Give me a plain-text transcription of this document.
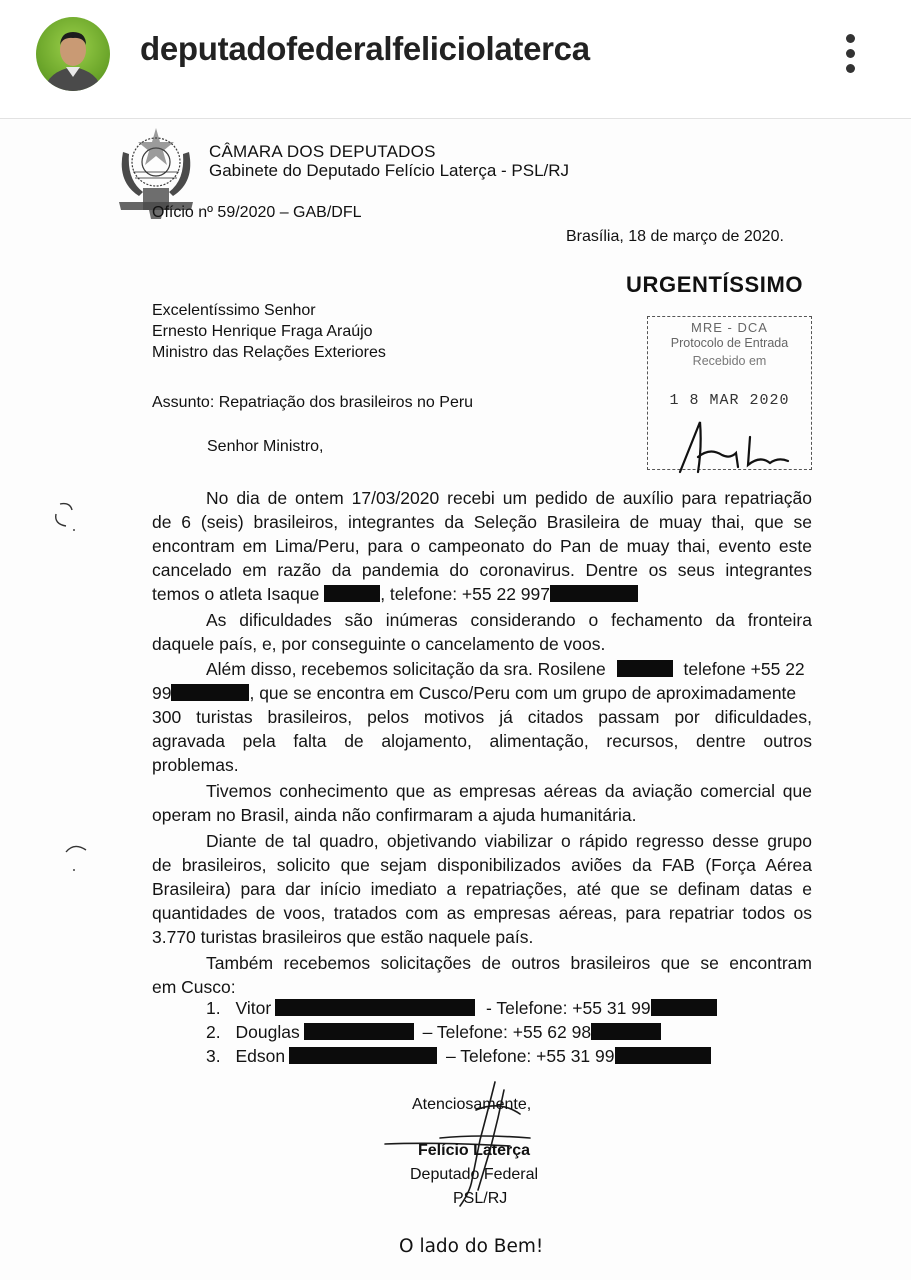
deputadofederalfeliciolaterca
CÂMARA DOS DEPUTADOS
Gabinete do Deputado Felício Laterça - PSL/RJ
Ofício nº 59/2020 – GAB/DFL
Brasília, 18 de março de 2020.
URGENTÍSSIMO
Excelentíssimo Senhor
Ernesto Henrique Fraga Araújo
Ministro das Relações Exteriores
Assunto: Repatriação dos brasileiros no Peru
Senhor Ministro,
MRE - DCA
Protocolo de Entrada
Recebido em
1 8 MAR 2020
No dia de ontem 17/03/2020 recebi um pedido de auxílio para repatriação
de 6 (seis) brasileiros, integrantes da Seleção Brasileira de muay thai, que se
encontram em Lima/Peru, para o campeonato do Pan de muay thai, evento este
cancelado em razão da pandemia do coronavirus. Dentre os seus integrantes
temos o atleta Isaque	, telefone: +55 22 997
As dificuldades são inúmeras considerando o fechamento da fronteira
daquele país, e, por conseguinte o cancelamento de voos.
Além disso, recebemos solicitação da sra. Rosilene	telefone +55 22
99	, que se encontra em Cusco/Peru com um grupo de aproximadamente
300 turistas brasileiros, pelos motivos já citados passam por dificuldades,
agravada pela falta de alojamento, alimentação, recursos, dentre outros
problemas.
Tivemos conhecimento que as empresas aéreas da aviação comercial que
operam no Brasil, ainda não confirmaram a ajuda humanitária.
Diante de tal quadro, objetivando viabilizar o rápido regresso desse grupo
de brasileiros, solicito que sejam disponibilizados aviões da FAB (Força Aérea
Brasileira) para dar início imediato a repatriações, até que se definam datas e
quantidades de voos, tratados com as empresas aéreas, para repatriar todos os
3.770 turistas brasileiros que estão naquele país.
Também recebemos solicitações de outros brasileiros que se encontram
em Cusco:
1. Vitor	- Telefone: +55 31 99
2. Douglas	– Telefone: +55 62 98
3. Edson	– Telefone: +55 31 99
Atenciosamente,
Felício Laterça
Deputado Federal
PSL/RJ
O lado do Bem!
